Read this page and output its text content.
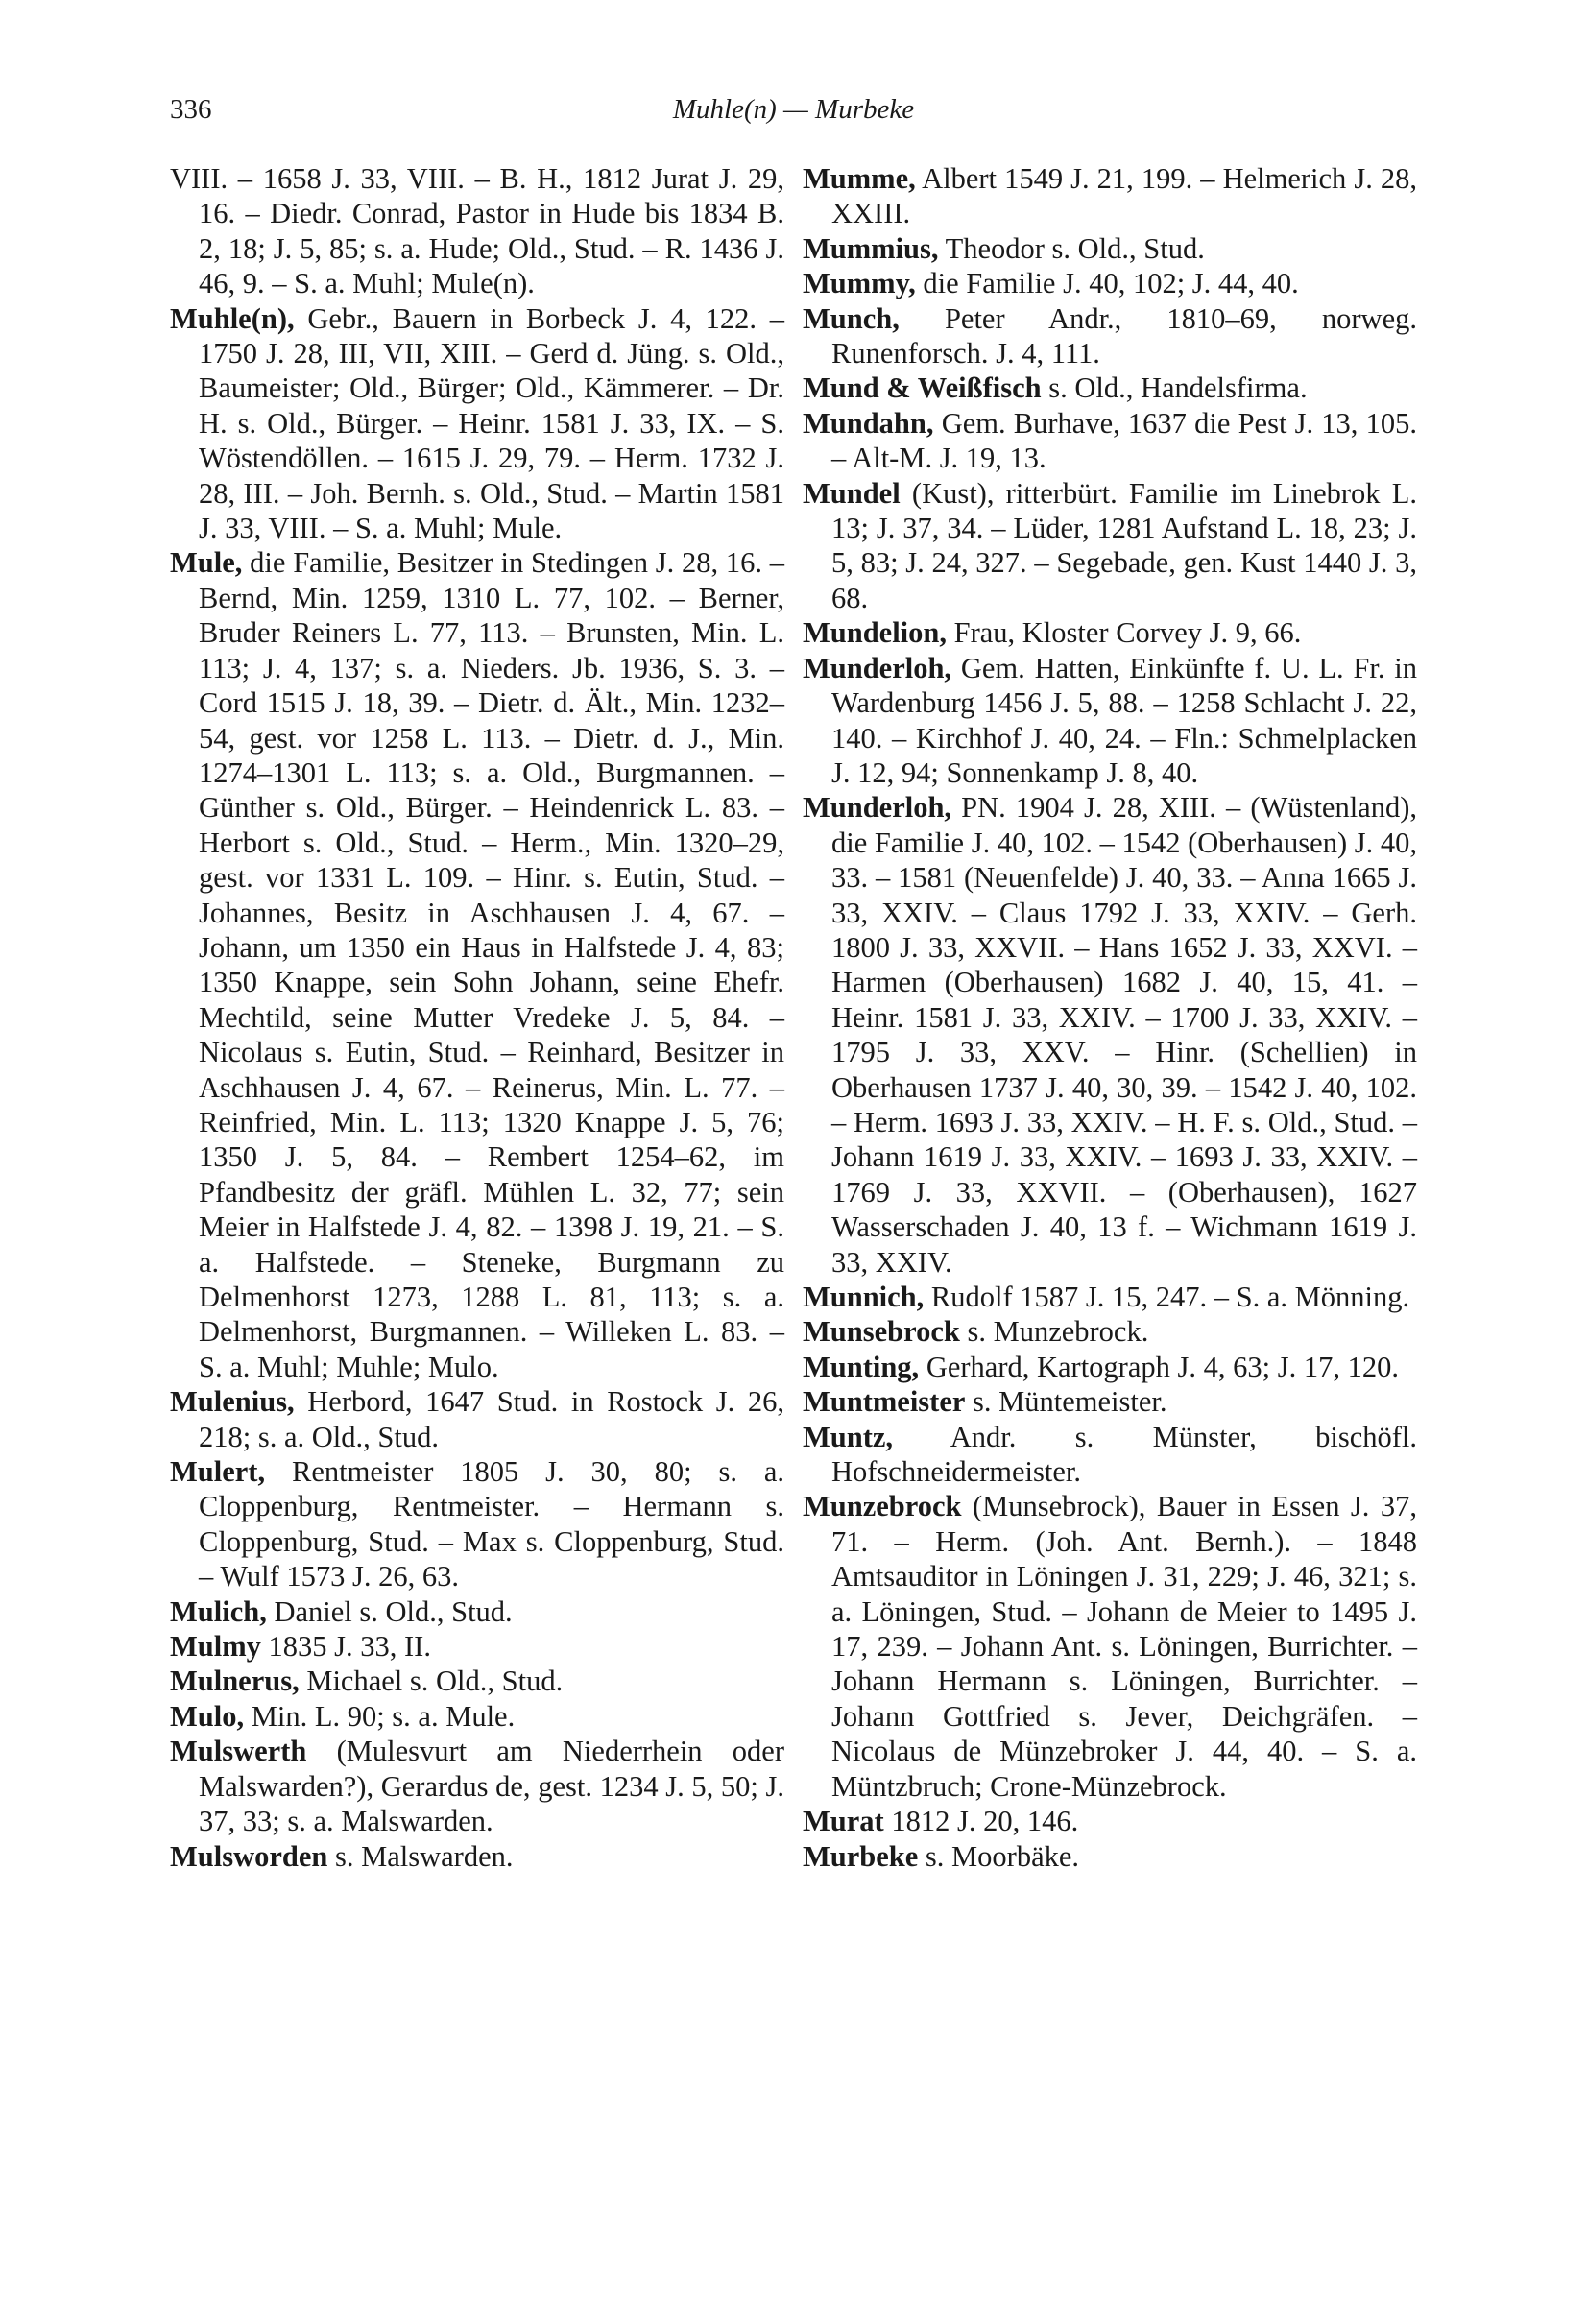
336	Muhle(n) — Murbeke

VIII. – 1658 J. 33, VIII. – B. H., 1812 Jurat J. 29, 16. – Diedr. Conrad, Pastor in Hude bis 1834 B. 2, 18; J. 5, 85; s. a. Hude; Old., Stud. – R. 1436 J. 46, 9. – S. a. Muhl; Mule(n).

Muhle(n), Gebr., Bauern in Borbeck J. 4, 122. – 1750 J. 28, III, VII, XIII. – Gerd d. Jüng. s. Old., Baumeister; Old., Bürger; Old., Kämmerer. – Dr. H. s. Old., Bürger. – Heinr. 1581 J. 33, IX. – S. Wöstendöllen. – 1615 J. 29, 79. – Herm. 1732 J. 28, III. – Joh. Bernh. s. Old., Stud. – Martin 1581 J. 33, VIII. – S. a. Muhl; Mule.

Mule, die Familie, Besitzer in Stedingen J. 28, 16. – Bernd, Min. 1259, 1310 L. 77, 102. – Berner, Bruder Reiners L. 77, 113. – Brunsten, Min. L. 113; J. 4, 137; s. a. Nieders. Jb. 1936, S. 3. – Cord 1515 J. 18, 39. – Dietr. d. Ält., Min. 1232–54, gest. vor 1258 L. 113. – Dietr. d. J., Min. 1274–1301 L. 113; s. a. Old., Burgmannen. – Günther s. Old., Bürger. – Heindenrick L. 83. – Herbort s. Old., Stud. – Herm., Min. 1320–29, gest. vor 1331 L. 109. – Hinr. s. Eutin, Stud. – Johannes, Besitz in Aschhausen J. 4, 67. – Johann, um 1350 ein Haus in Halfstede J. 4, 83; 1350 Knappe, sein Sohn Johann, seine Ehefr. Mechtild, seine Mutter Vredeke J. 5, 84. – Nicolaus s. Eutin, Stud. – Reinhard, Besitzer in Aschhausen J. 4, 67. – Reinerus, Min. L. 77. – Reinfried, Min. L. 113; 1320 Knappe J. 5, 76; 1350 J. 5, 84. – Rembert 1254–62, im Pfandbesitz der gräfl. Mühlen L. 32, 77; sein Meier in Halfstede J. 4, 82. – 1398 J. 19, 21. – S. a. Halfstede. – Steneke, Burgmann zu Delmenhorst 1273, 1288 L. 81, 113; s. a. Delmenhorst, Burgmannen. – Willeken L. 83. – S. a. Muhl; Muhle; Mulo.

Mulenius, Herbord, 1647 Stud. in Rostock J. 26, 218; s. a. Old., Stud.

Mulert, Rentmeister 1805 J. 30, 80; s. a. Cloppenburg, Rentmeister. – Hermann s. Cloppenburg, Stud. – Max s. Cloppenburg, Stud. – Wulf 1573 J. 26, 63.

Mulich, Daniel s. Old., Stud.

Mulmy 1835 J. 33, II.

Mulnerus, Michael s. Old., Stud.

Mulo, Min. L. 90; s. a. Mule.

Mulswerth (Mulesvurt am Niederrhein oder Malswarden?), Gerardus de, gest. 1234 J. 5, 50; J. 37, 33; s. a. Malswarden.

Mulsworden s. Malswarden.

Mumme, Albert 1549 J. 21, 199. – Helmerich J. 28, XXIII.

Mummius, Theodor s. Old., Stud.

Mummy, die Familie J. 40, 102; J. 44, 40.

Munch, Peter Andr., 1810–69, norweg. Runenforsch. J. 4, 111.

Mund & Weißfisch s. Old., Handelsfirma.

Mundahn, Gem. Burhave, 1637 die Pest J. 13, 105. – Alt-M. J. 19, 13.

Mundel (Kust), ritterbürt. Familie im Linebrok L. 13; J. 37, 34. – Lüder, 1281 Aufstand L. 18, 23; J. 5, 83; J. 24, 327. – Segebade, gen. Kust 1440 J. 3, 68.

Mundelion, Frau, Kloster Corvey J. 9, 66.

Munderloh, Gem. Hatten, Einkünfte f. U. L. Fr. in Wardenburg 1456 J. 5, 88. – 1258 Schlacht J. 22, 140. – Kirchhof J. 40, 24. – Fln.: Schmelplacken J. 12, 94; Sonnenkamp J. 8, 40.

Munderloh, PN. 1904 J. 28, XIII. – (Wüstenland), die Familie J. 40, 102. – 1542 (Oberhausen) J. 40, 33. – 1581 (Neuenfelde) J. 40, 33. – Anna 1665 J. 33, XXIV. – Claus 1792 J. 33, XXIV. – Gerh. 1800 J. 33, XXVII. – Hans 1652 J. 33, XXVI. – Harmen (Oberhausen) 1682 J. 40, 15, 41. – Heinr. 1581 J. 33, XXIV. – 1700 J. 33, XXIV. – 1795 J. 33, XXV. – Hinr. (Schellien) in Oberhausen 1737 J. 40, 30, 39. – 1542 J. 40, 102. – Herm. 1693 J. 33, XXIV. – H. F. s. Old., Stud. – Johann 1619 J. 33, XXIV. – 1693 J. 33, XXIV. – 1769 J. 33, XXVII. – (Oberhausen), 1627 Wasserschaden J. 40, 13 f. – Wichmann 1619 J. 33, XXIV.

Munnich, Rudolf 1587 J. 15, 247. – S. a. Mönning.

Munsebrock s. Munzebrock.

Munting, Gerhard, Kartograph J. 4, 63; J. 17, 120.

Muntmeister s. Müntemeister.

Muntz, Andr. s. Münster, bischöfl. Hofschneidermeister.

Munzebrock (Munsebrock), Bauer in Essen J. 37, 71. – Herm. (Joh. Ant. Bernh.). – 1848 Amtsauditor in Löningen J. 31, 229; J. 46, 321; s. a. Löningen, Stud. – Johann de Meier to 1495 J. 17, 239. – Johann Ant. s. Löningen, Burrichter. – Johann Hermann s. Löningen, Burrichter. – Johann Gottfried s. Jever, Deichgräfen. – Nicolaus de Münzebroker J. 44, 40. – S. a. Müntzbruch; Crone-Münzebrock.

Murat 1812 J. 20, 146.

Murbeke s. Moorbäke.
